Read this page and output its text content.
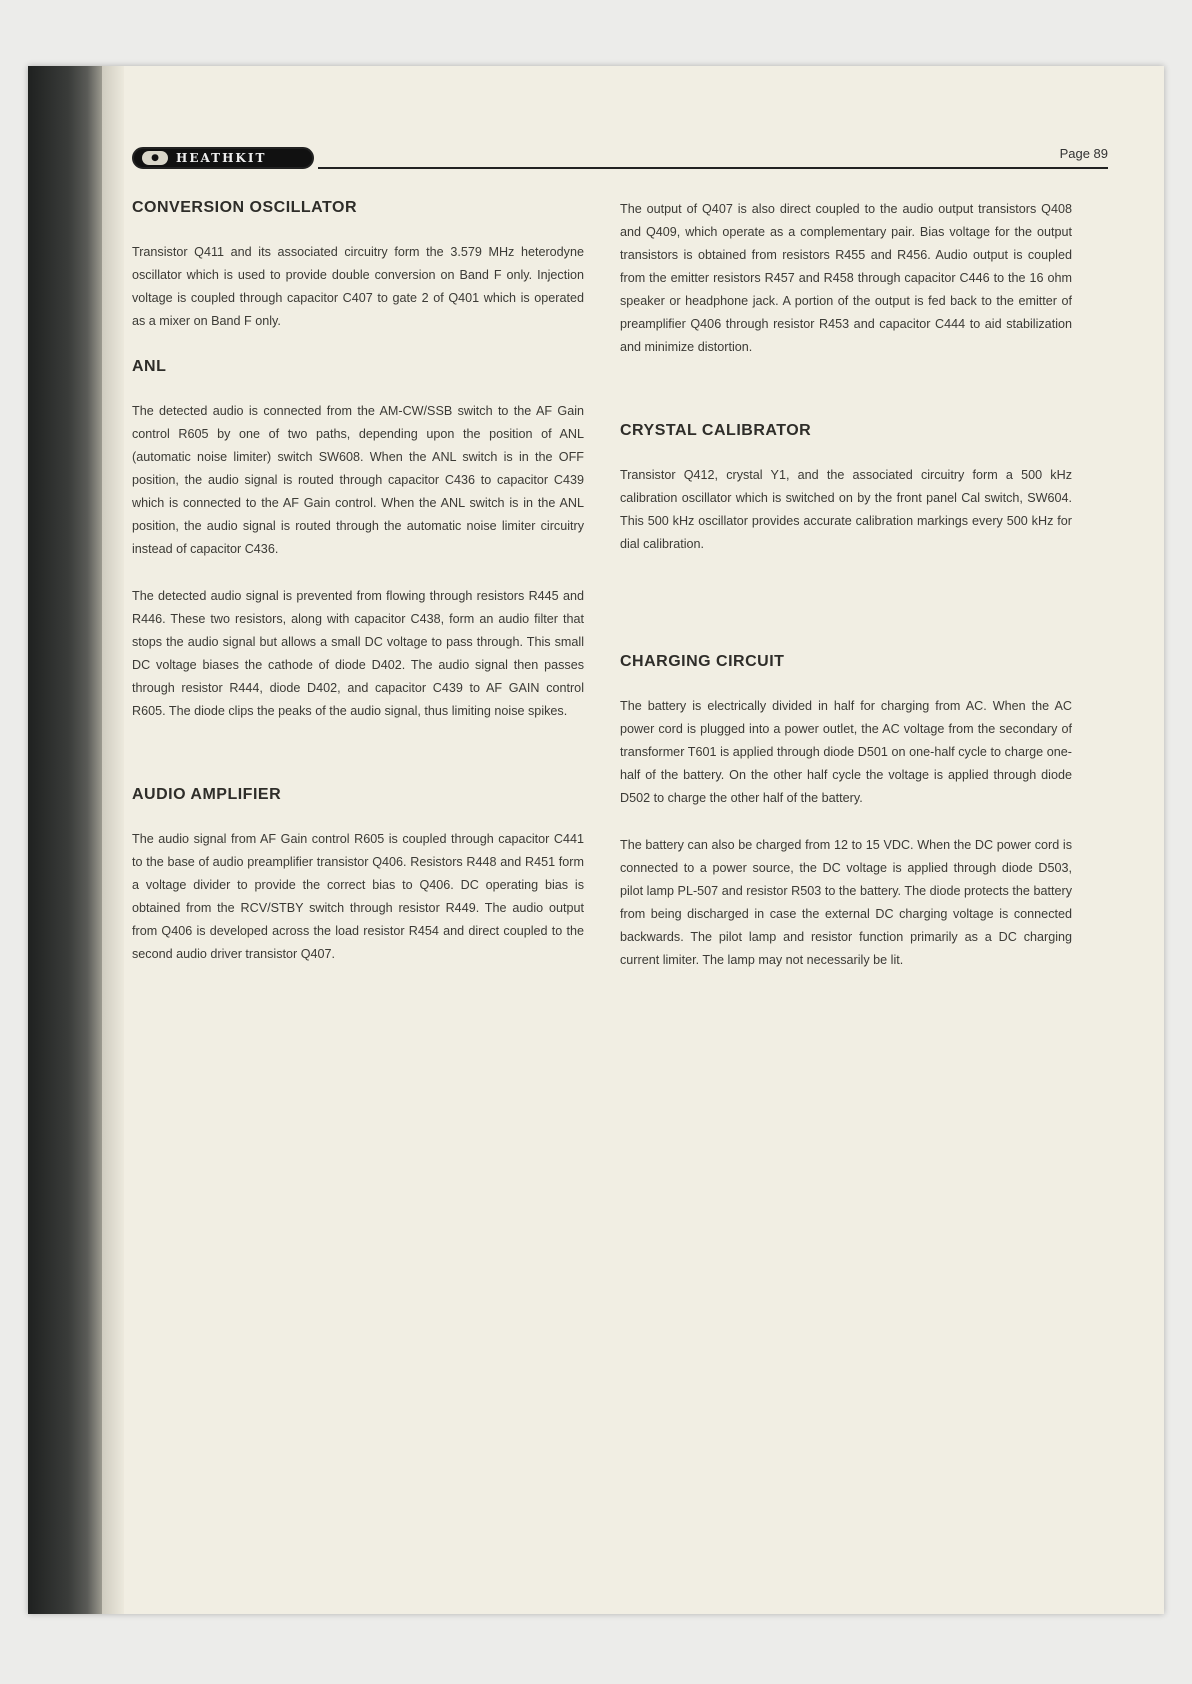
●	HEATHKIT	Page 89
CONVERSION OSCILLATOR

Transistor Q411 and its associated circuitry form the 3.579 MHz heterodyne oscillator which is used to provide double conversion on Band F only. Injection voltage is coupled through capacitor C407 to gate 2 of Q401 which is operated as a mixer on Band F only.

ANL

The detected audio is connected from the AM-CW/SSB switch to the AF Gain control R605 by one of two paths, depending upon the position of ANL (automatic noise limiter) switch SW608. When the ANL switch is in the OFF position, the audio signal is routed through capacitor C436 to capacitor C439 which is connected to the AF Gain control. When the ANL switch is in the ANL position, the audio signal is routed through the automatic noise limiter circuitry instead of capacitor C436.

The detected audio signal is prevented from flowing through resistors R445 and R446. These two resistors, along with capacitor C438, form an audio filter that stops the audio signal but allows a small DC voltage to pass through. This small DC voltage biases the cathode of diode D402. The audio signal then passes through resistor R444, diode D402, and capacitor C439 to AF GAIN control R605. The diode clips the peaks of the audio signal, thus limiting noise spikes.

AUDIO AMPLIFIER

The audio signal from AF Gain control R605 is coupled through capacitor C441 to the base of audio preamplifier transistor Q406. Resistors R448 and R451 form a voltage divider to provide the correct bias to Q406. DC operating bias is obtained from the RCV/STBY switch through resistor R449. The audio output from Q406 is developed across the load resistor R454 and direct coupled to the second audio driver transistor Q407.

The output of Q407 is also direct coupled to the audio output transistors Q408 and Q409, which operate as a complementary pair. Bias voltage for the output transistors is obtained from resistors R455 and R456. Audio output is coupled from the emitter resistors R457 and R458 through capacitor C446 to the 16 ohm speaker or headphone jack. A portion of the output is fed back to the emitter of preamplifier Q406 through resistor R453 and capacitor C444 to aid stabilization and minimize distortion.

CRYSTAL CALIBRATOR

Transistor Q412, crystal Y1, and the associated circuitry form a 500 kHz calibration oscillator which is switched on by the front panel Cal switch, SW604. This 500 kHz oscillator provides accurate calibration markings every 500 kHz for dial calibration.

CHARGING CIRCUIT

The battery is electrically divided in half for charging from AC. When the AC power cord is plugged into a power outlet, the AC voltage from the secondary of transformer T601 is applied through diode D501 on one-half cycle to charge one-half of the battery. On the other half cycle the voltage is applied through diode D502 to charge the other half of the battery.

The battery can also be charged from 12 to 15 VDC. When the DC power cord is connected to a power source, the DC voltage is applied through diode D503, pilot lamp PL-507 and resistor R503 to the battery. The diode protects the battery from being discharged in case the external DC charging voltage is connected backwards. The pilot lamp and resistor function primarily as a DC charging current limiter. The lamp may not necessarily be lit.
